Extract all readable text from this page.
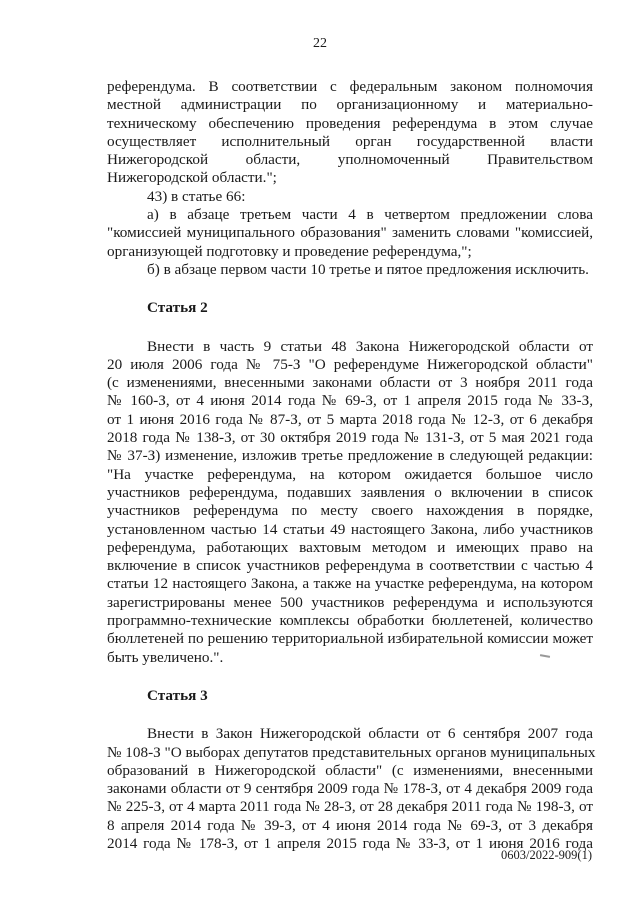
22
референдума. В соответствии с федеральным законом полномочия
местной администрации по организационному и материально-
техническому обеспечению проведения референдума в этом случае
осуществляет исполнительный орган государственной власти
Нижегородской области, уполномоченный Правительством
Нижегородской области.";
43) в статье 66:
а) в абзаце третьем части 4 в четвертом предложении слова
"комиссией муниципального образования" заменить словами "комиссией,
организующей подготовку и проведение референдума,";
б) в абзаце первом части 10 третье и пятое предложения исключить.
Статья 2
Внести в часть 9 статьи 48 Закона Нижегородской области от
20 июля 2006 года № 75-З "О референдуме Нижегородской области"
(с изменениями, внесенными законами области от 3 ноября 2011 года
№ 160-З, от 4 июня 2014 года № 69-З, от 1 апреля 2015 года № 33-З,
от 1 июня 2016 года № 87-З, от 5 марта 2018 года № 12-З, от 6 декабря
2018 года № 138-З, от 30 октября 2019 года № 131-З, от 5 мая 2021 года
№ 37-З) изменение, изложив третье предложение в следующей редакции:
"На участке референдума, на котором ожидается большое число
участников референдума, подавших заявления о включении в список
участников референдума по месту своего нахождения в порядке,
установленном частью 14 статьи 49 настоящего Закона, либо участников
референдума, работающих вахтовым методом и имеющих право на
включение в список участников референдума в соответствии с частью 4
статьи 12 настоящего Закона, а также на участке референдума, на котором
зарегистрированы менее 500 участников референдума и используются
программно-технические комплексы обработки бюллетеней, количество
бюллетеней по решению территориальной избирательной комиссии может
быть увеличено.".
Статья 3
Внести в Закон Нижегородской области от 6 сентября 2007 года
№ 108-З "О выборах депутатов представительных органов муниципальных
образований в Нижегородской области" (с изменениями, внесенными
законами области от 9 сентября 2009 года № 178-З, от 4 декабря 2009 года
№ 225-З, от 4 марта 2011 года № 28-З, от 28 декабря 2011 года № 198-З, от
8 апреля 2014 года № 39-З, от 4 июня 2014 года № 69-З, от 3 декабря
2014 года № 178-З, от 1 апреля 2015 года № 33-З, от 1 июня 2016 года
0603/2022-909(1)
